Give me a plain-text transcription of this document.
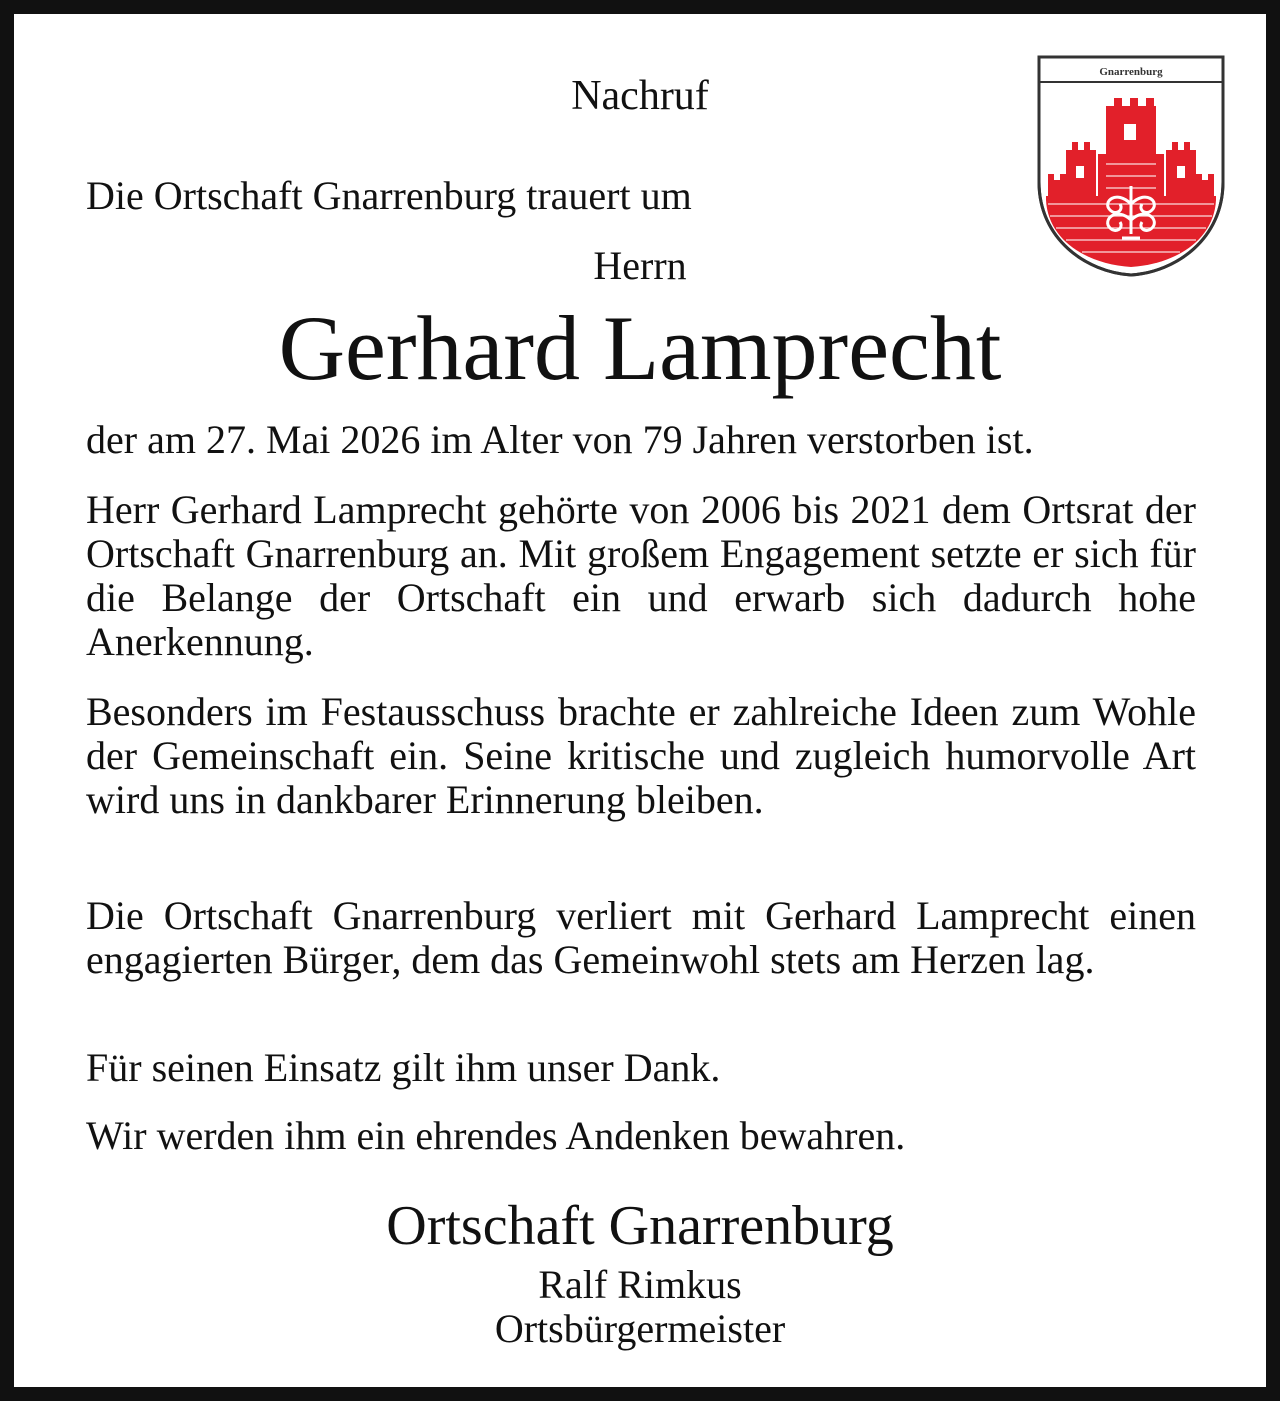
Nachruf

Die Ortschaft Gnarrenburg trauert um

Herrn

Gerhard Lamprecht

der am 27. Mai 2026 im Alter von 79 Jahren verstorben ist.

Herr Gerhard Lamprecht gehörte von 2006 bis 2021 dem Ortsrat der Ortschaft Gnarrenburg an. Mit großem Engagement setzte er sich für die Belange der Ortschaft ein und erwarb sich dadurch hohe Anerkennung.

Besonders im Festausschuss brachte er zahlreiche Ideen zum Wohle der Gemeinschaft ein. Seine kritische und zugleich humorvolle Art wird uns in dankbarer Erinnerung bleiben.

Die Ortschaft Gnarrenburg verliert mit Gerhard Lamprecht einen engagierten Bürger, dem das Gemeinwohl stets am Herzen lag.

Für seinen Einsatz gilt ihm unser Dank.

Wir werden ihm ein ehrendes Andenken bewahren.

Ortschaft Gnarrenburg

Ralf Rimkus

Ortsbürgermeister

Gnarrenburg
